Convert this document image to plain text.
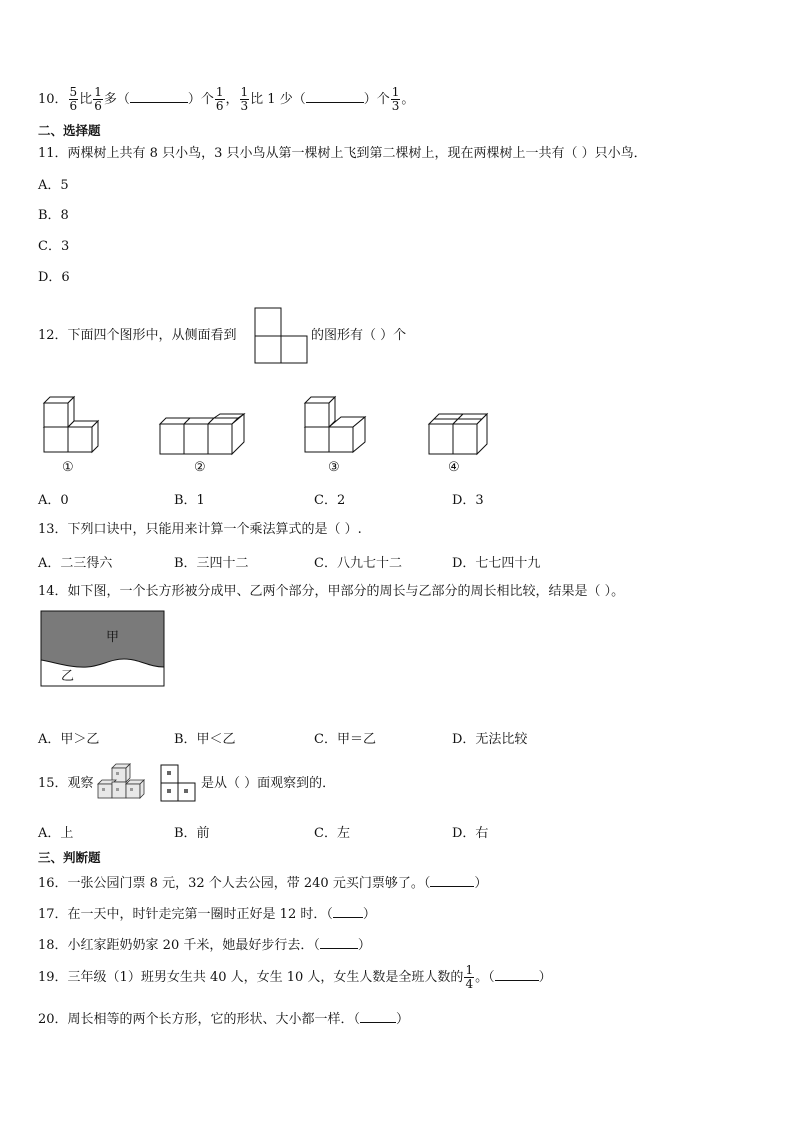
10． $\frac{5}{6}$ 比 $\frac{1}{6}$ 多（	）个 $\frac{1}{6}$ ， $\frac{1}{3}$ 比 1 少（	）个 $\frac{1}{3}$ 。
二、选择题
11．两棵树上共有 8 只小鸟，3 只小鸟从第一棵树上飞到第二棵树上，现在两棵树上一共有（ ）只小鸟．
A．5
B．8
C．3
D．6
12．下面四个图形中，从侧面看到	的图形有（ ）个
①	②	③	④
A．0	B．1	C．2	D．3
13．下列口诀中，只能用来计算一个乘法算式的是（ ）.
A．二三得六	B．三四十二	C．八九七十二	D．七七四十九
14．如下图，一个长方形被分成甲、乙两个部分，甲部分的周长与乙部分的周长相比较，结果是（ ）。
甲
乙
A．甲＞乙	B．甲＜乙	C．甲＝乙	D．无法比较
15．观察	是从（ ）面观察到的．
A．上	B．前	C．左	D．右
三、判断题
16．一张公园门票 8 元，32 个人去公园，带 240 元买门票够了。（	）
17．在一天中，时针走完第一圈时正好是 12 时．（ ）
18．小红家距奶奶家 20 千米，她最好步行去．（	）
19．三年级（1）班男女生共 40 人，女生 10 人，女生人数是全班人数的 $\frac{1}{4}$ 。（	）
20．周长相等的两个长方形，它的形状、大小都一样．（	）
